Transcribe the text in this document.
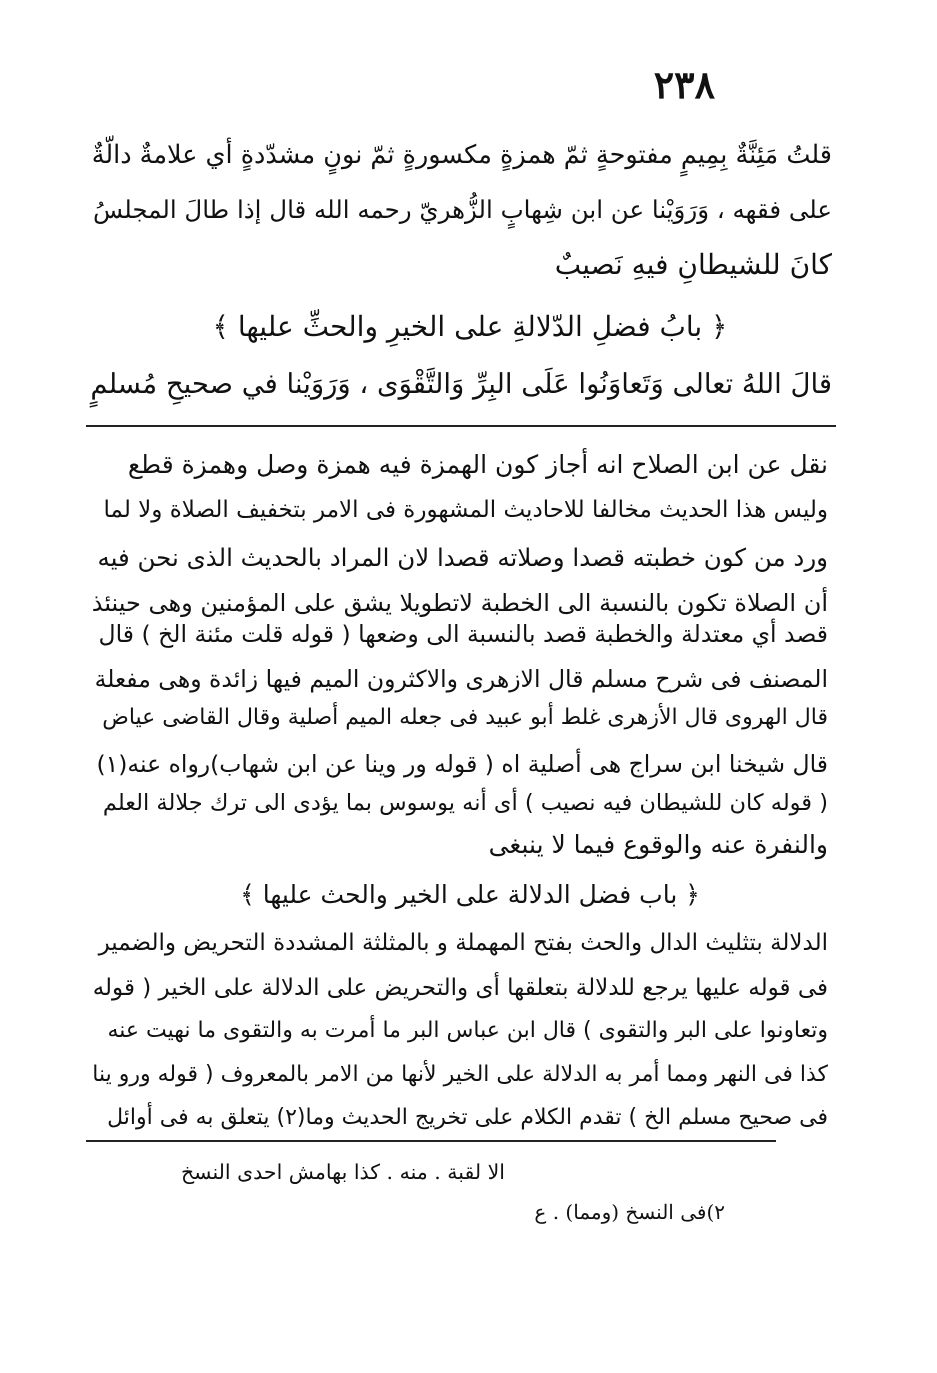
٢٣٨
قلتُ مَئِنَّةٌ بِمِيمٍ مفتوحةٍ ثمّ همزةٍ مكسورةٍ ثمّ نونٍ مشدّدةٍ أي علامةٌ دالّةٌ
على فقهه ، وَرَوَيْنا عن ابن شِهابٍ الزُّهريّ رحمه الله قال إذا طالَ المجلسُ
كانَ للشيطانِ فيهِ نَصيبٌ
﴿ بابُ فضلِ الدّلالةِ على الخيرِ والحثِّ عليها ﴾
قالَ اللهُ تعالى وَتَعاوَنُوا عَلَى البِرِّ وَالتَّقْوَى ، وَرَوَيْنا في صحيحِ مُسلمٍ
نقل عن ابن الصلاح انه أجاز كون الهمزة فيه همزة وصل وهمزة قطع
وليس هذا الحديث مخالفا للاحاديث المشهورة فى الامر بتخفيف الصلاة ولا لما
ورد من كون خطبته قصدا وصلاته قصدا لان المراد بالحديث الذى نحن فيه
أن الصلاة تكون بالنسبة الى الخطبة لاتطويلا يشق على المؤمنين وهى حينئذ
قصد أي معتدلة والخطبة قصد بالنسبة الى وضعها ( قوله قلت مئنة الخ ) قال
المصنف فى شرح مسلم قال الازهرى والاكثرون الميم فيها زائدة وهى مفعلة
قال الهروى قال الأزهرى غلط أبو عبيد فى جعله الميم أصلية وقال القاضى عياض
قال شيخنا ابن سراج هى أصلية اه ( قوله ور وينا عن ابن شهاب)رواه عنه(١)
( قوله كان للشيطان فيه نصيب ) أى أنه يوسوس بما يؤدى الى ترك جلالة العلم
والنفرة عنه والوقوع فيما لا ينبغى
﴿ باب فضل الدلالة على الخير والحث عليها ﴾
الدلالة بتثليث الدال والحث بفتح المهملة و بالمثلثة المشددة التحريض والضمير
فى قوله عليها يرجع للدلالة بتعلقها أى والتحريض على الدلالة على الخير ( قوله
وتعاونوا على البر والتقوى ) قال ابن عباس البر ما أمرت به والتقوى ما نهيت عنه
كذا فى النهر ومما أمر به الدلالة على الخير لأنها من الامر بالمعروف ( قوله ورو ينا
فى صحيح مسلم الخ ) تقدم الكلام على تخريج الحديث وما(٢) يتعلق به فى أوائل
الا لقبة . منه . كذا بهامش احدى النسخ
٢)فى النسخ (ومما) . ع
